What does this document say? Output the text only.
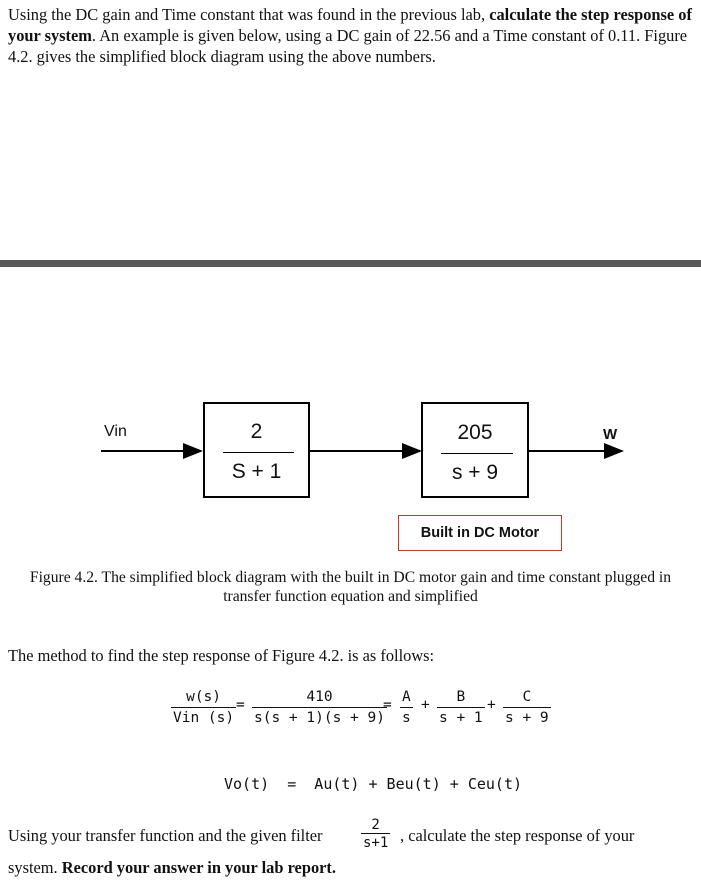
Using the DC gain and Time constant that was found in the previous lab, calculate the step response of your system. An example is given below, using a DC gain of 22.56 and a Time constant of 0.11. Figure 4.2. gives the simplified block diagram using the above numbers.
Vin	W
2
S + 1
205
s + 9
Built in DC Motor
Figure 4.2. The simplified block diagram with the built in DC motor gain and time constant plugged in
transfer function equation and simplified
The method to find the step response of Figure 4.2. is as follows:
w(s)
Vin (s)
= $\frac{410}{s(s + 1)(s + 9)}$
= $\frac{A}{s} + \frac{B}{s + 1} + \frac{C}{s + 9}$
Vo(t)  =  Au(t) + Beu(t) + Ceu(t)
Using your transfer function and the given filter	$\frac{2}{s+1}$ , calculate the step response of your
system. Record your answer in your lab report.
